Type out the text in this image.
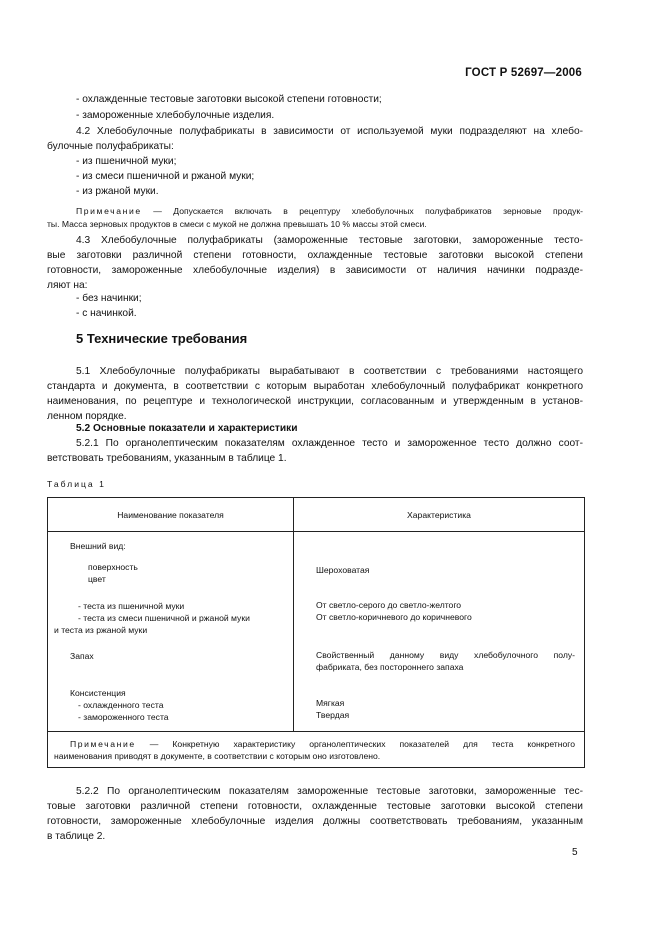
ГОСТ Р 52697—2006
- охлажденные тестовые заготовки высокой степени готовности;
- замороженные хлебобулочные изделия.
4.2 Хлебобулочные полуфабрикаты в зависимости от используемой муки подразделяют на хлебо-
булочные полуфабрикаты:
- из пшеничной муки;
- из смеси пшеничной и ржаной муки;
- из ржаной муки.
Примечание — Допускается включать в рецептуру хлебобулочных полуфабрикатов зерновые продук-
ты. Масса зерновых продуктов в смеси с мукой не должна превышать 10 % массы этой смеси.
4.3 Хлебобулочные полуфабрикаты (замороженные тестовые заготовки, замороженные тесто-
вые заготовки различной степени готовности, охлажденные тестовые заготовки высокой степени
готовности, замороженные хлебобулочные изделия) в зависимости от наличия начинки подразде-
ляют на:
- без начинки;
- с начинкой.
5 Технические требования
5.1 Хлебобулочные полуфабрикаты вырабатывают в соответствии с требованиями настоящего
стандарта и документа, в соответствии с которым выработан хлебобулочный полуфабрикат конкретного
наименования, по рецептуре и технологической инструкции, согласованным и утвержденным в установ-
ленном порядке.
5.2 Основные показатели и характеристики
5.2.1 По органолептическим показателям охлажденное тесто и замороженное тесто должно соот-
ветствовать требованиям, указанным в таблице 1.
Таблица 1
Наименование показателя	Характеристика
Внешний вид:
поверхность
цвет
- теста из пшеничной муки
- теста из смеси пшеничной и ржаной муки
и теста из ржаной муки
Запах
Консистенция
- охлажденного теста
- замороженного теста
Шероховатая
От светло-серого до светло-желтого
От светло-коричневого до коричневого
Свойственный данному виду хлебобулочного полу-
фабриката, без постороннего запаха
Мягкая
Твердая
Примечание — Конкретную характеристику органолептических показателей для теста конкретного
наименования приводят в документе, в соответствии с которым оно изготовлено.
5.2.2 По органолептическим показателям замороженные тестовые заготовки, замороженные тес-
товые заготовки различной степени готовности, охлажденные тестовые заготовки высокой степени
готовности, замороженные хлебобулочные изделия должны соответствовать требованиям, указанным
в таблице 2.
5
